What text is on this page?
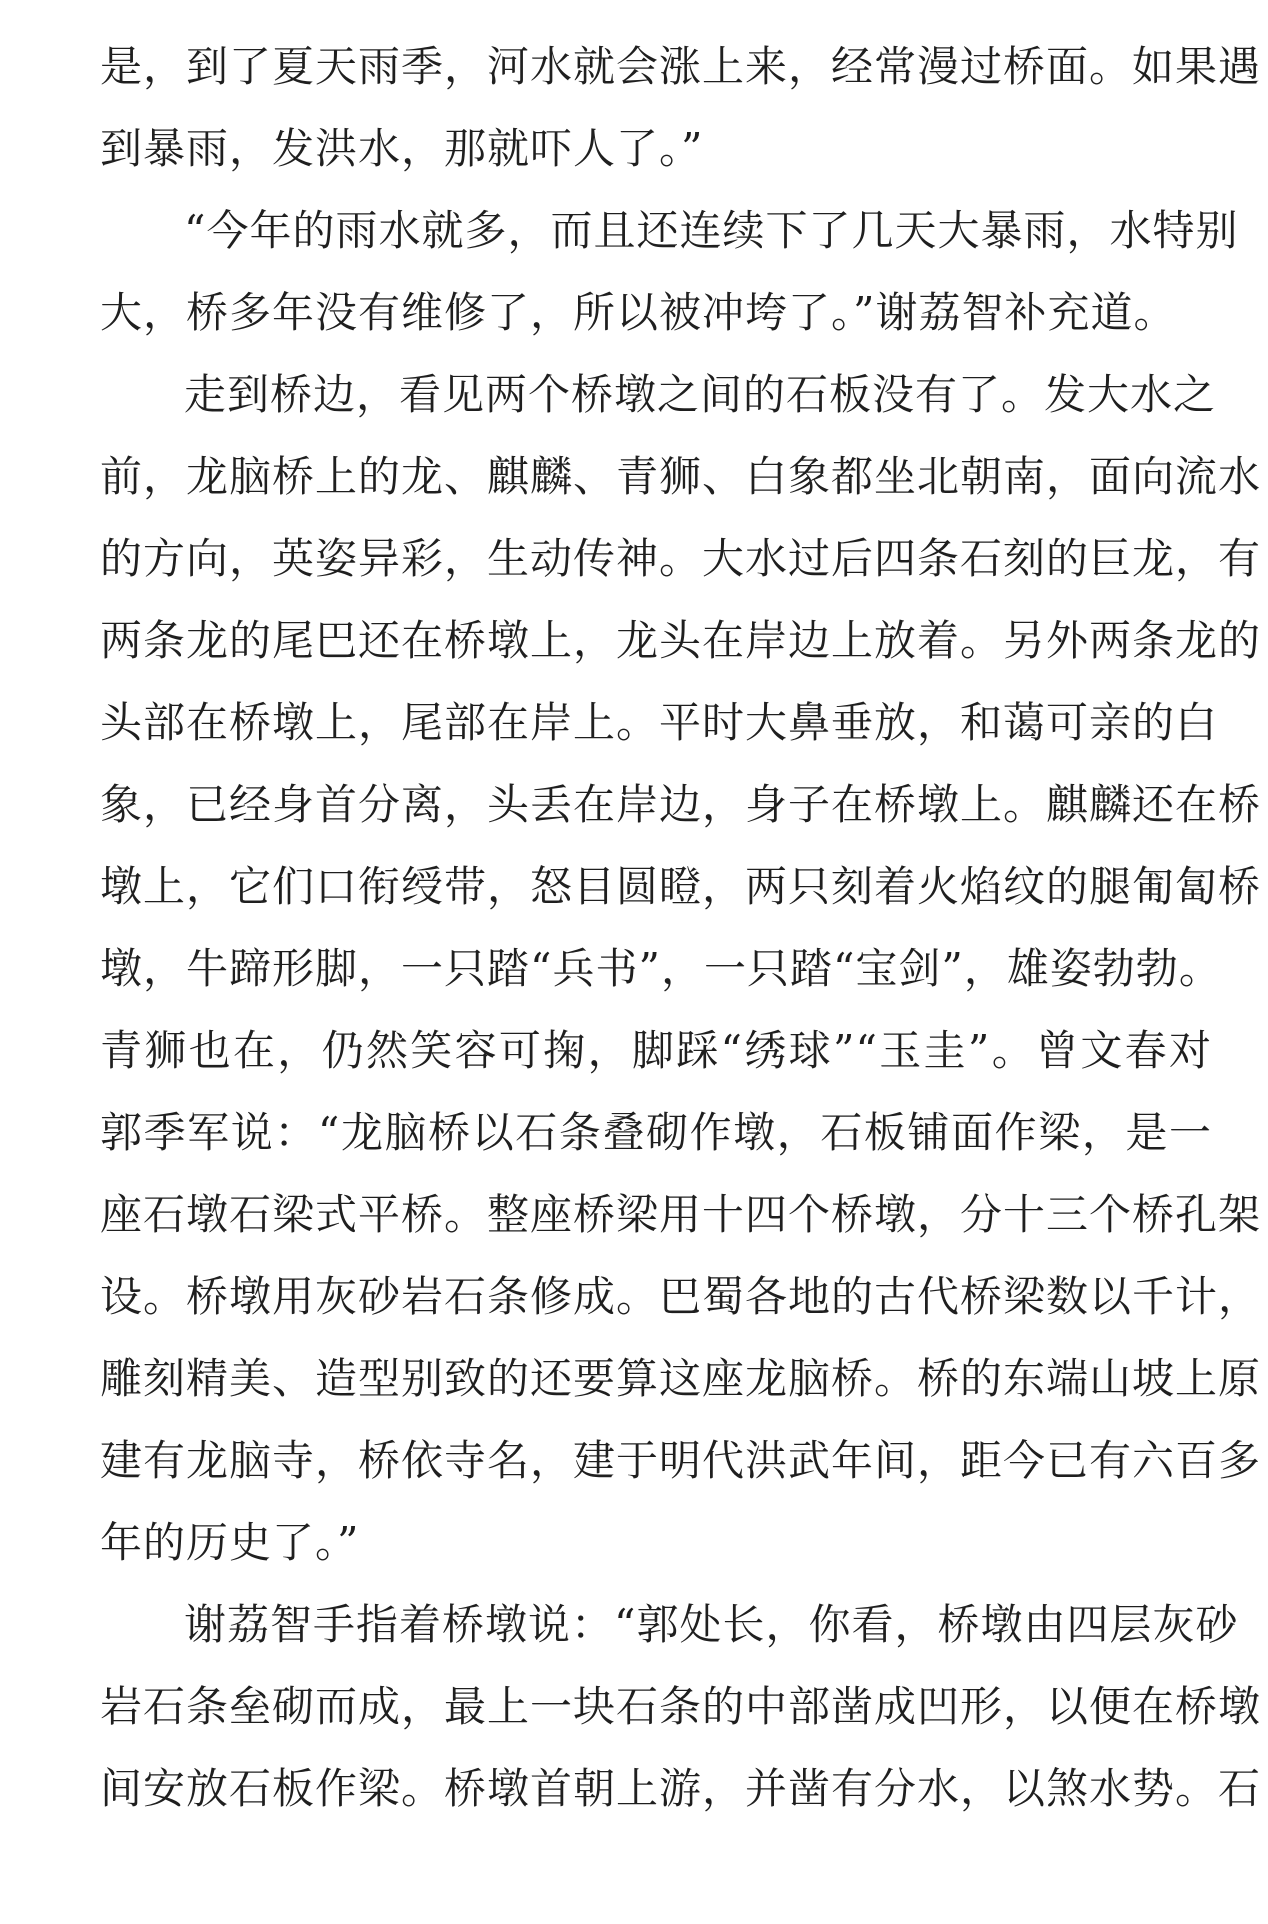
是，到了夏天雨季，河水就会涨上来，经常漫过桥面。如果遇
到暴雨，发洪水，那就吓人了。”
“今年的雨水就多，而且还连续下了几天大暴雨，水特别
大，桥多年没有维修了，所以被冲垮了。”谢荔智补充道。
走到桥边，看见两个桥墩之间的石板没有了。发大水之
前，龙脑桥上的龙、麒麟、青狮、白象都坐北朝南，面向流水
的方向，英姿异彩，生动传神。大水过后四条石刻的巨龙，有
两条龙的尾巴还在桥墩上，龙头在岸边上放着。另外两条龙的
头部在桥墩上，尾部在岸上。平时大鼻垂放，和蔼可亲的白
象，已经身首分离，头丢在岸边，身子在桥墩上。麒麟还在桥
墩上，它们口衔绶带，怒目圆瞪，两只刻着火焰纹的腿匍匐桥
墩，牛蹄形脚，一只踏“兵书”，一只踏“宝剑”，雄姿勃勃。
青狮也在，仍然笑容可掬，脚踩“绣球”“玉圭”。曾文春对
郭季军说：“龙脑桥以石条叠砌作墩，石板铺面作梁，是一
座石墩石梁式平桥。整座桥梁用十四个桥墩，分十三个桥孔架
设。桥墩用灰砂岩石条修成。巴蜀各地的古代桥梁数以千计，
雕刻精美、造型别致的还要算这座龙脑桥。桥的东端山坡上原
建有龙脑寺，桥依寺名，建于明代洪武年间，距今已有六百多
年的历史了。”
谢荔智手指着桥墩说：“郭处长，你看，桥墩由四层灰砂
岩石条垒砌而成，最上一块石条的中部凿成凹形，以便在桥墩
间安放石板作梁。桥墩首朝上游，并凿有分水，以煞水势。石
